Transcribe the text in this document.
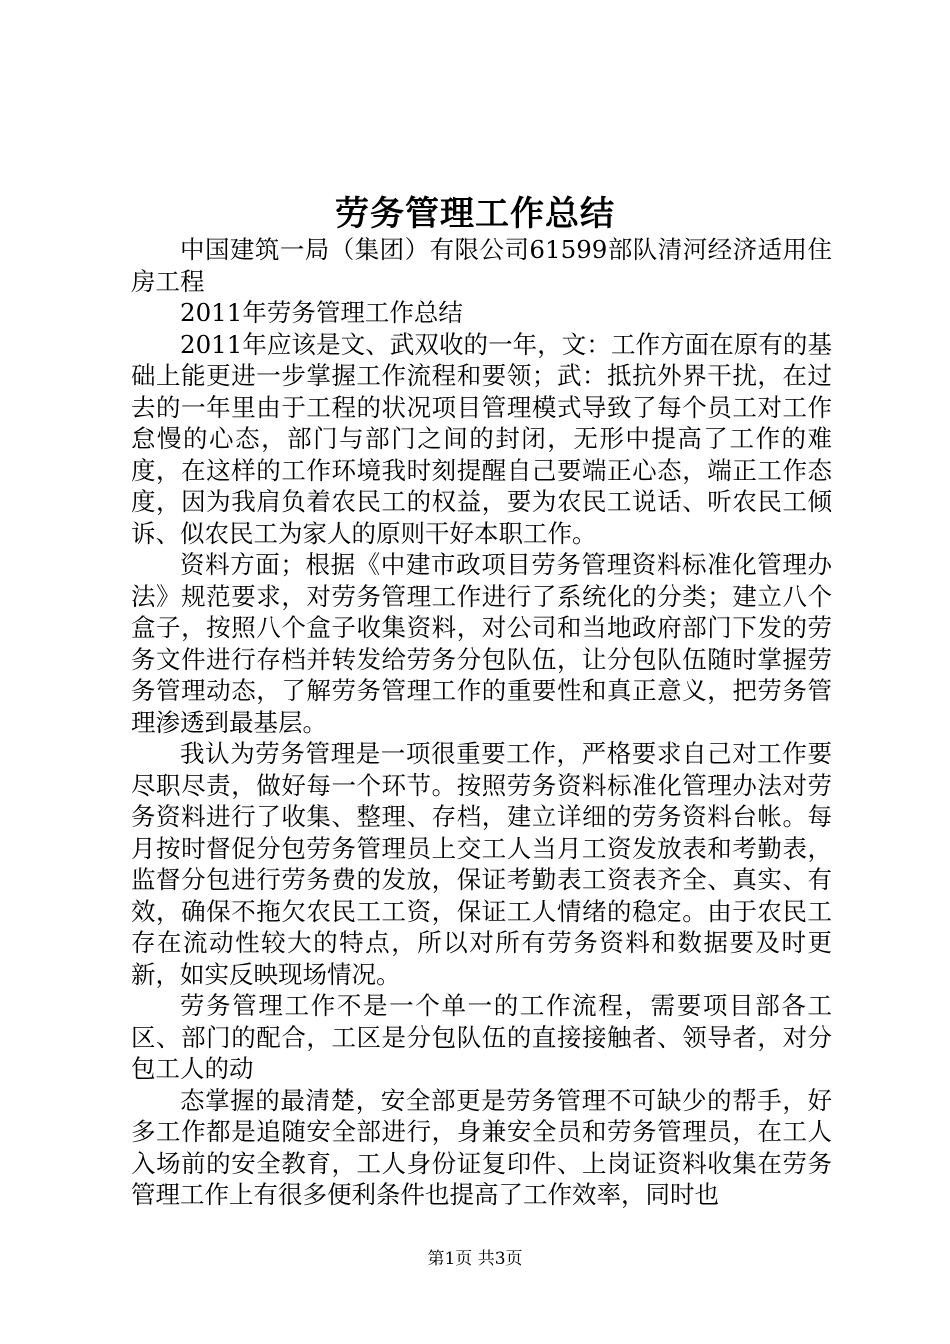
劳务管理工作总结

中国建筑一局（集团）有限公司61599部队清河经济适用住房工程

2011年劳务管理工作总结

2011年应该是文、武双收的一年，文：工作方面在原有的基础上能更进一步掌握工作流程和要领；武：抵抗外界干扰，在过去的一年里由于工程的状况项目管理模式导致了每个员工对工作怠慢的心态，部门与部门之间的封闭，无形中提高了工作的难度，在这样的工作环境我时刻提醒自己要端正心态，端正工作态度，因为我肩负着农民工的权益，要为农民工说话、听农民工倾诉、似农民工为家人的原则干好本职工作。

资料方面；根据《中建市政项目劳务管理资料标准化管理办法》规范要求，对劳务管理工作进行了系统化的分类；建立八个盒子，按照八个盒子收集资料，对公司和当地政府部门下发的劳务文件进行存档并转发给劳务分包队伍，让分包队伍随时掌握劳务管理动态，了解劳务管理工作的重要性和真正意义，把劳务管理渗透到最基层。

我认为劳务管理是一项很重要工作，严格要求自己对工作要尽职尽责，做好每一个环节。按照劳务资料标准化管理办法对劳务资料进行了收集、整理、存档，建立详细的劳务资料台帐。每月按时督促分包劳务管理员上交工人当月工资发放表和考勤表，监督分包进行劳务费的发放，保证考勤表工资表齐全、真实、有效，确保不拖欠农民工工资，保证工人情绪的稳定。由于农民工存在流动性较大的特点，所以对所有劳务资料和数据要及时更新，如实反映现场情况。

劳务管理工作不是一个单一的工作流程，需要项目部各工区、部门的配合，工区是分包队伍的直接接触者、领导者，对分包工人的动

态掌握的最清楚，安全部更是劳务管理不可缺少的帮手，好多工作都是追随安全部进行，身兼安全员和劳务管理员，在工人入场前的安全教育，工人身份证复印件、上岗证资料收集在劳务管理工作上有很多便利条件也提高了工作效率，同时也

第1页 共3页
